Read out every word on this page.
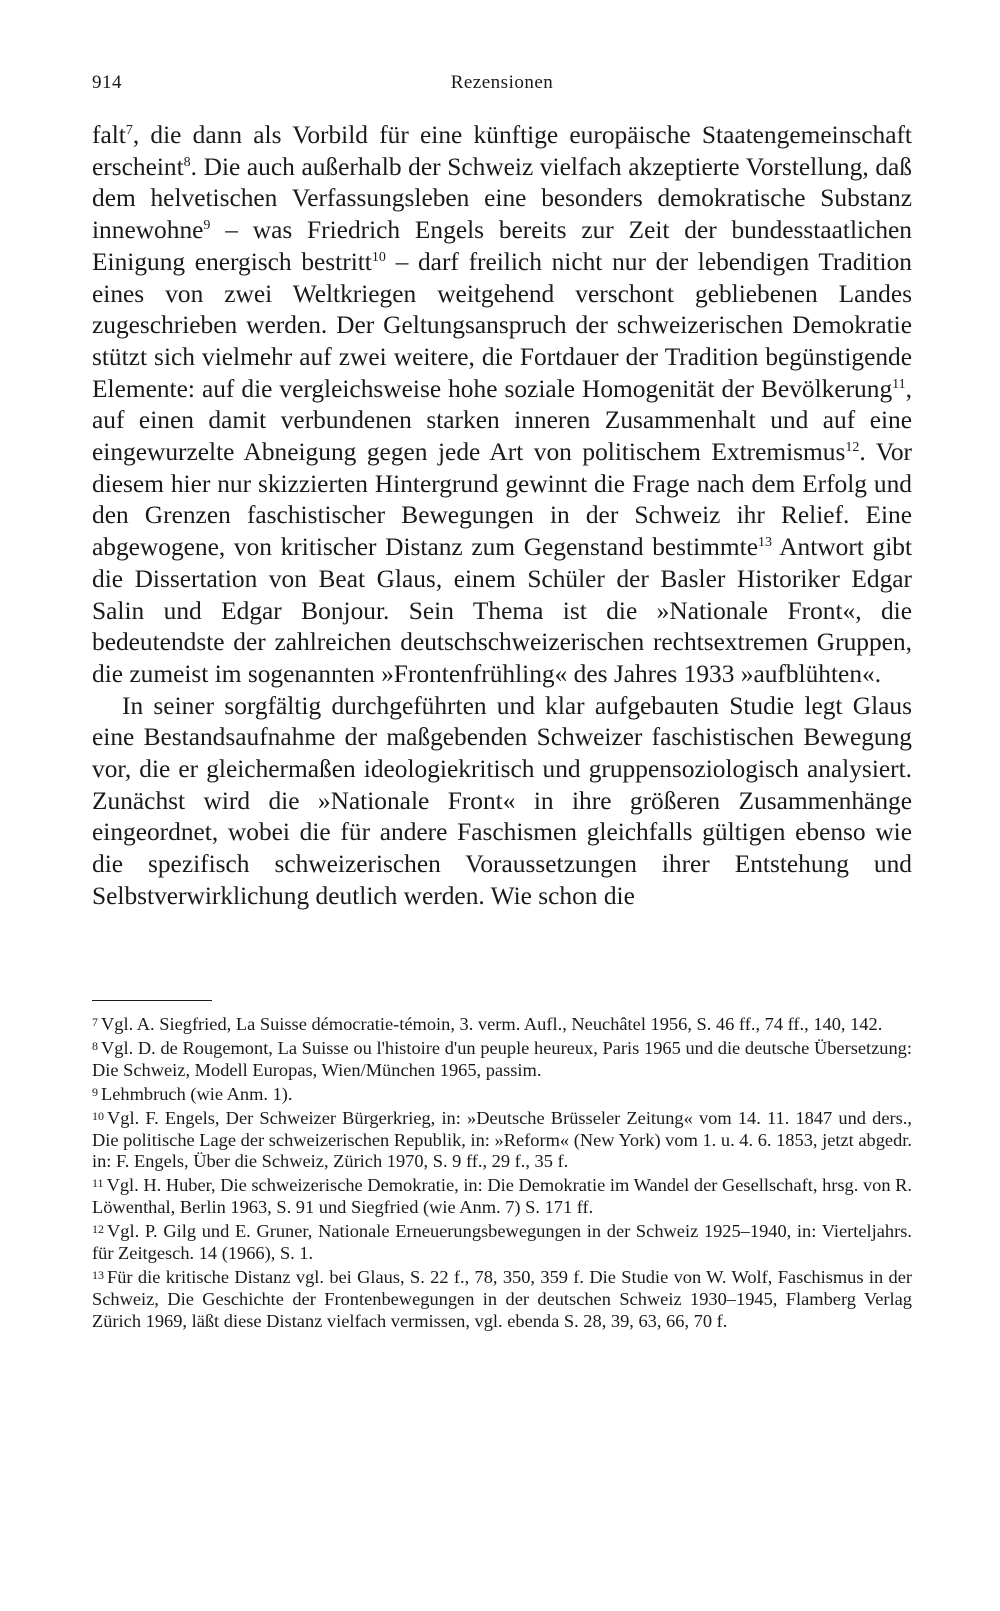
914	Rezensionen

falt$^7$, die dann als Vorbild für eine künftige europäische Staatengemeinschaft erscheint$^8$. Die auch außerhalb der Schweiz vielfach akzeptierte Vorstellung, daß dem helvetischen Verfassungsleben eine besonders demokratische Substanz innewohne$^9$ – was Friedrich Engels bereits zur Zeit der bundesstaatlichen Einigung energisch bestritt$^{10}$ – darf freilich nicht nur der lebendigen Tradition eines von zwei Weltkriegen weitgehend verschont gebliebenen Landes zugeschrieben werden. Der Geltungsanspruch der schweizerischen Demokratie stützt sich vielmehr auf zwei weitere, die Fortdauer der Tradition begünstigende Elemente: auf die vergleichsweise hohe soziale Homogenität der Bevölkerung$^{11}$, auf einen damit verbundenen starken inneren Zusammenhalt und auf eine eingewurzelte Abneigung gegen jede Art von politischem Extremismus$^{12}$. Vor diesem hier nur skizzierten Hintergrund gewinnt die Frage nach dem Erfolg und den Grenzen faschistischer Bewegungen in der Schweiz ihr Relief. Eine abgewogene, von kritischer Distanz zum Gegenstand bestimmte$^{13}$ Antwort gibt die Dissertation von Beat Glaus, einem Schüler der Basler Historiker Edgar Salin und Edgar Bonjour. Sein Thema ist die »Nationale Front«, die bedeutendste der zahlreichen deutschschweizerischen rechtsextremen Gruppen, die zumeist im sogenannten »Frontenfrühling« des Jahres 1933 »aufblühten«.

In seiner sorgfältig durchgeführten und klar aufgebauten Studie legt Glaus eine Bestandsaufnahme der maßgebenden Schweizer faschistischen Bewegung vor, die er gleichermaßen ideologiekritisch und gruppensoziologisch analysiert. Zunächst wird die »Nationale Front« in ihre größeren Zusammenhänge eingeordnet, wobei die für andere Faschismen gleichfalls gültigen ebenso wie die spezifisch schweizerischen Voraussetzungen ihrer Entstehung und Selbstverwirklichung deutlich werden. Wie schon die

$^7$ Vgl. A. Siegfried, La Suisse démocratie-témoin, 3. verm. Aufl., Neuchâtel 1956, S. 46 ff., 74 ff., 140, 142.

$^8$ Vgl. D. de Rougemont, La Suisse ou l'histoire d'un peuple heureux, Paris 1965 und die deutsche Übersetzung: Die Schweiz, Modell Europas, Wien/München 1965, passim.

$^9$ Lehmbruch (wie Anm. 1).

$^{10}$ Vgl. F. Engels, Der Schweizer Bürgerkrieg, in: »Deutsche Brüsseler Zeitung« vom 14. 11. 1847 und ders., Die politische Lage der schweizerischen Republik, in: »Reform« (New York) vom 1. u. 4. 6. 1853, jetzt abgedr. in: F. Engels, Über die Schweiz, Zürich 1970, S. 9 ff., 29 f., 35 f.

$^{11}$ Vgl. H. Huber, Die schweizerische Demokratie, in: Die Demokratie im Wandel der Gesellschaft, hrsg. von R. Löwenthal, Berlin 1963, S. 91 und Siegfried (wie Anm. 7) S. 171 ff.

$^{12}$ Vgl. P. Gilg und E. Gruner, Nationale Erneuerungsbewegungen in der Schweiz 1925–1940, in: Vierteljahrs. für Zeitgesch. 14 (1966), S. 1.

$^{13}$ Für die kritische Distanz vgl. bei Glaus, S. 22 f., 78, 350, 359 f. Die Studie von W. Wolf, Faschismus in der Schweiz, Die Geschichte der Frontenbewegungen in der deutschen Schweiz 1930–1945, Flamberg Verlag Zürich 1969, läßt diese Distanz vielfach vermissen, vgl. ebenda S. 28, 39, 63, 66, 70 f.
